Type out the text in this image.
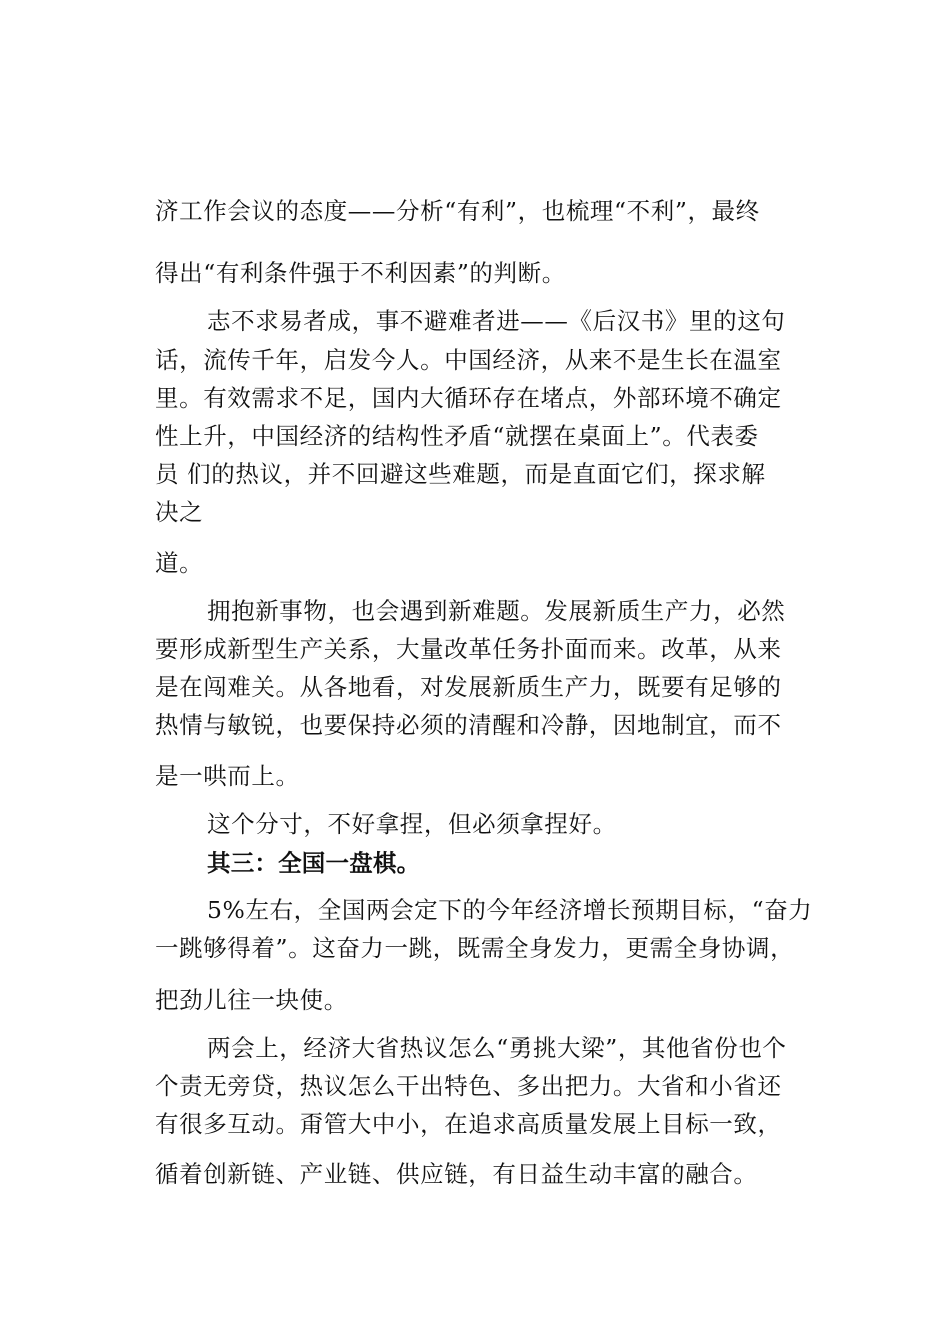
济工作会议的态度——分析“有利”，也梳理“不利”，最终
得出“有利条件强于不利因素”的判断。
志不求易者成，事不避难者进——《后汉书》里的这句
话，流传千年，启发今人。中国经济，从来不是生长在温室
里。有效需求不足，国内大循环存在堵点，外部环境不确定
性上升，中国经济的结构性矛盾“就摆在桌面上”。代表委
员 们的热议，并不回避这些难题，而是直面它们，探求解
决之
道。
拥抱新事物，也会遇到新难题。发展新质生产力，必然
要形成新型生产关系，大量改革任务扑面而来。改革，从来
是在闯难关。从各地看，对发展新质生产力，既要有足够的
热情与敏锐，也要保持必须的清醒和冷静，因地制宜，而不
是一哄而上。
这个分寸，不好拿捏，但必须拿捏好。
其三：全国一盘棋。
5%左右，全国两会定下的今年经济增长预期目标，“奋力
一跳够得着”。这奋力一跳，既需全身发力，更需全身协调，
把劲儿往一块使。
两会上，经济大省热议怎么“勇挑大梁”，其他省份也个
个责无旁贷，热议怎么干出特色、多出把力。大省和小省还
有很多互动。甭管大中小，在追求高质量发展上目标一致，
循着创新链、产业链、供应链，有日益生动丰富的融合。
